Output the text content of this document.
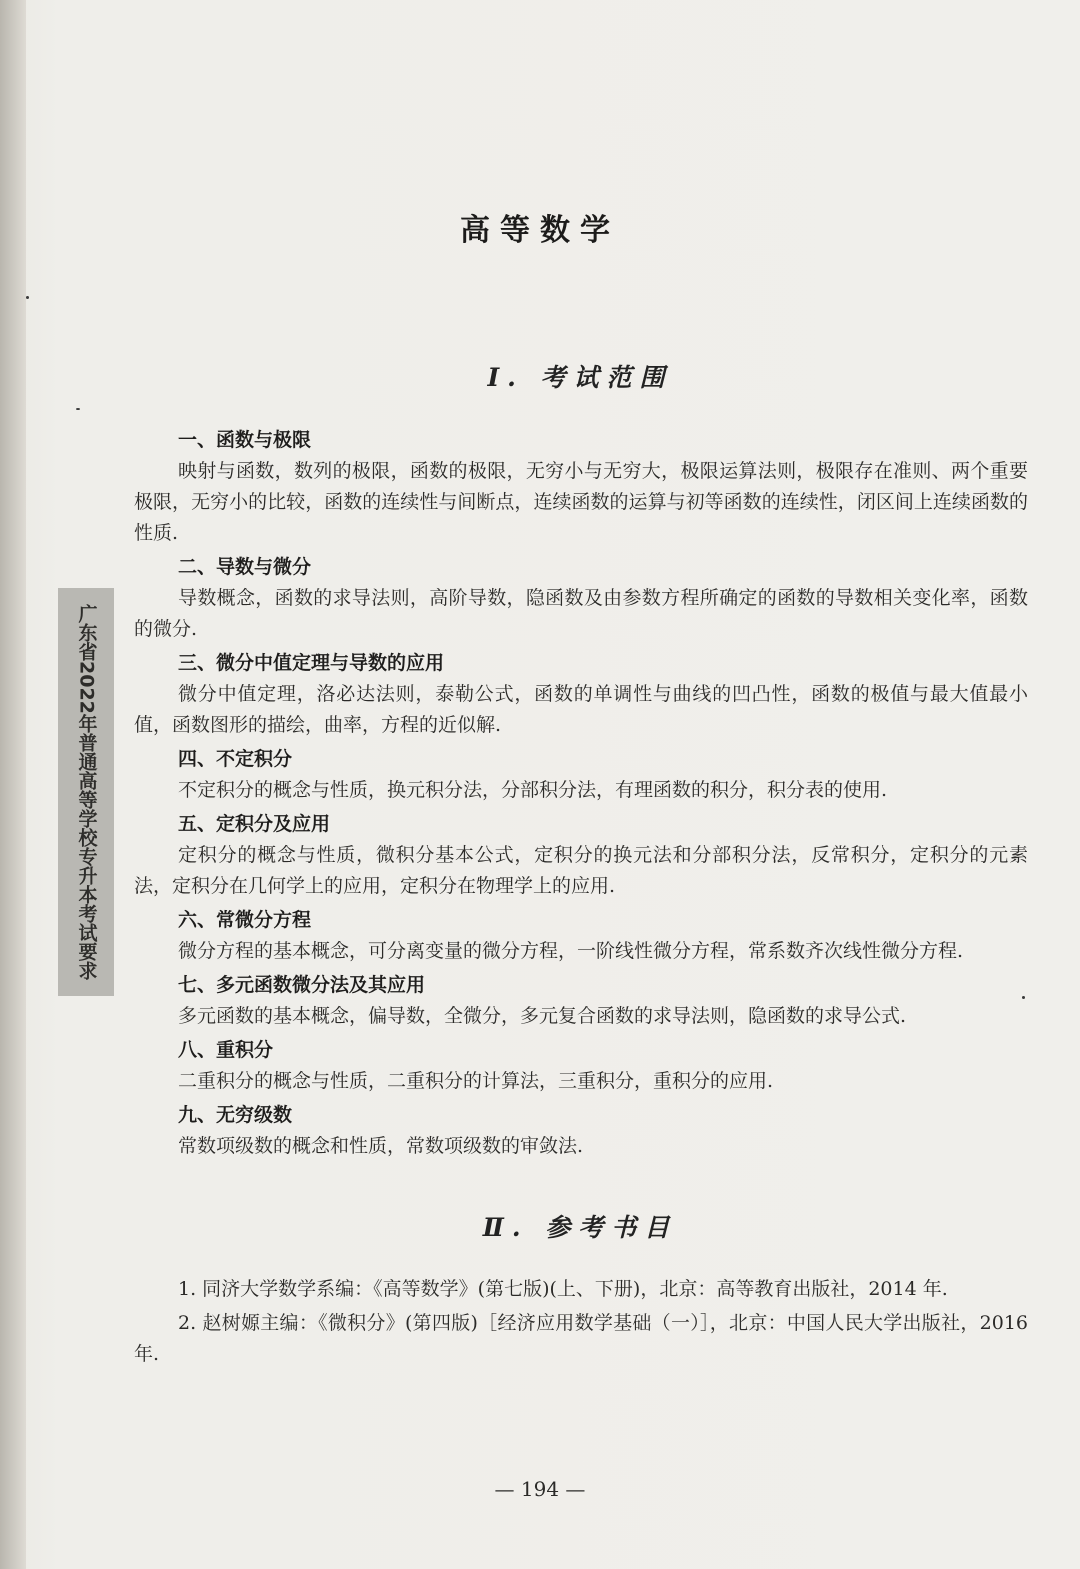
广东省2022年普通高等学校专升本考试要求
高等数学
Ⅰ. 考试范围

一、函数与极限

映射与函数，数列的极限，函数的极限，无穷小与无穷大，极限运算法则，极限存在准则、两个重要极限，无穷小的比较，函数的连续性与间断点，连续函数的运算与初等函数的连续性，闭区间上连续函数的性质.

二、导数与微分

导数概念，函数的求导法则，高阶导数，隐函数及由参数方程所确定的函数的导数相关变化率，函数的微分.

三、微分中值定理与导数的应用

微分中值定理，洛必达法则，泰勒公式，函数的单调性与曲线的凹凸性，函数的极值与最大值最小值，函数图形的描绘，曲率，方程的近似解.

四、不定积分

不定积分的概念与性质，换元积分法，分部积分法，有理函数的积分，积分表的使用.

五、定积分及应用

定积分的概念与性质，微积分基本公式，定积分的换元法和分部积分法，反常积分，定积分的元素法，定积分在几何学上的应用，定积分在物理学上的应用.

六、常微分方程

微分方程的基本概念，可分离变量的微分方程，一阶线性微分方程，常系数齐次线性微分方程.

七、多元函数微分法及其应用

多元函数的基本概念，偏导数，全微分，多元复合函数的求导法则，隐函数的求导公式.

八、重积分

二重积分的概念与性质，二重积分的计算法，三重积分，重积分的应用.

九、无穷级数

常数项级数的概念和性质，常数项级数的审敛法.

Ⅱ. 参考书目

1. 同济大学数学系编：《高等数学》(第七版)(上、下册)，北京：高等教育出版社，2014 年.

2. 赵树嫄主编：《微积分》(第四版)［经济应用数学基础（一）］，北京：中国人民大学出版社，2016 年.

— 194 —
